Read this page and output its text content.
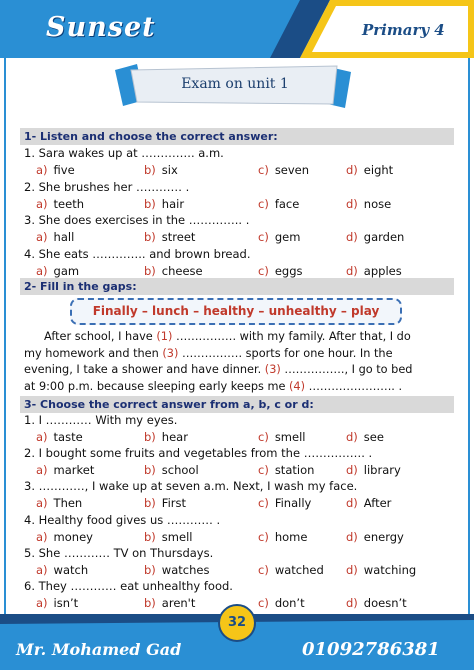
Sunset	Primary 4
Exam on unit 1
1- Listen and choose the correct answer:
1. Sara wakes up at ………….. a.m.
a) five	b) six	c) seven	d) eight
2. She brushes her ………… .
a) teeth	b) hair	c) face	d) nose
3. She does exercises in the ………….. .
a) hall	b) street	c) gem	d) garden
4. She eats ………….. and brown bread.
a) gam	b) cheese	c) eggs	d) apples
2- Fill in the gaps:
Finally – lunch – healthy – unhealthy – play
After school, I have (1) ……………. with my family. After that, I do
my homework and then (3) ……………. sports for one hour. In the
evening, I take a shower and have dinner. (3) ……………., I go to bed
at 9:00 p.m. because sleeping early keeps me (4) ………………….. .
3- Choose the correct answer from a, b, c or d:
1. I ………… With my eyes.
a) taste	b) hear	c) smell	d) see
2. I bought some fruits and vegetables from the ……………. .
a) market	b) school	c) station	d) library
3. …………, I wake up at seven a.m. Next, I wash my face.
a) Then	b) First	c) Finally	d) After
4. Healthy food gives us ………… .
a) money	b) smell	c) home	d) energy
5. She ………… TV on Thursdays.
a) watch	b) watches	c) watched d) watching
6. They ………… eat unhealthy food.
a) isn’t	b) aren't	c) don’t	d) doesn’t
Mr. Mohamed Gad	01092786381
32
